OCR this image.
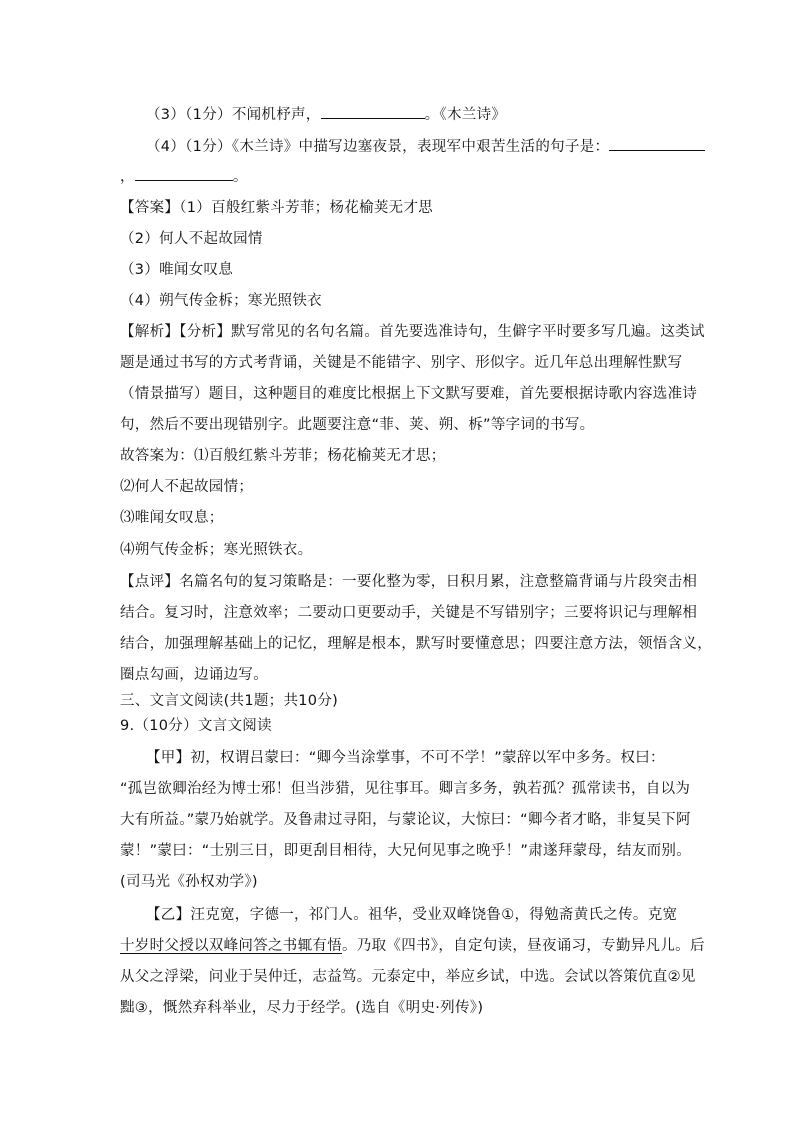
（3）（1分）不闻机杼声，	。《木兰诗》
（4）（1分）《木兰诗》中描写边塞夜景，表现军中艰苦生活的句子是：
，	。
【答案】（1）百般红紫斗芳菲；杨花榆荚无才思
（2）何人不起故园情
（3）唯闻女叹息
（4）朔气传金柝；寒光照铁衣
【解析】【分析】默写常见的名句名篇。首先要选准诗句，生僻字平时要多写几遍。这类试
题是通过书写的方式考背诵，关键是不能错字、别字、形似字。近几年总出理解性默写
（情景描写）题目，这种题目的难度比根据上下文默写要难，首先要根据诗歌内容选准诗
句，然后不要出现错别字。此题要注意“菲、荚、朔、柝”等字词的书写。
故答案为：⑴百般红紫斗芳菲；杨花榆荚无才思；
⑵何人不起故园情；
⑶唯闻女叹息；
⑷朔气传金柝；寒光照铁衣。
【点评】名篇名句的复习策略是：一要化整为零，日积月累，注意整篇背诵与片段突击相
结合。复习时，注意效率；二要动口更要动手，关键是不写错别字；三要将识记与理解相
结合，加强理解基础上的记忆，理解是根本，默写时要懂意思；四要注意方法，领悟含义，
圈点勾画，边诵边写。
三、文言文阅读(共1题；共10分)
9.（10分）文言文阅读
【甲】初，权谓吕蒙曰：“卿今当涂掌事，不可不学！”蒙辞以军中多务。权曰：
“孤岂欲卿治经为博士邪！但当涉猎，见往事耳。卿言多务，孰若孤？孤常读书，自以为
大有所益。”蒙乃始就学。及鲁肃过寻阳，与蒙论议，大惊曰：“卿今者才略，非复吴下阿
蒙！”蒙曰：“士别三日，即更刮目相待，大兄何见事之晚乎！”肃遂拜蒙母，结友而别。
(司马光《孙权劝学》)
【乙】汪克宽，字德一，祁门人。祖华，受业双峰饶鲁①，得勉斋黄氏之传。克宽
十岁时父授以双峰问答之书辄有悟。乃取《四书》，自定句读，昼夜诵习，专勤异凡儿。后
从父之浮梁，问业于吴仲迁，志益笃。元泰定中，举应乡试，中选。会试以答策伉直②见
黜③，慨然弃科举业，尽力于经学。(选自《明史·列传》)
